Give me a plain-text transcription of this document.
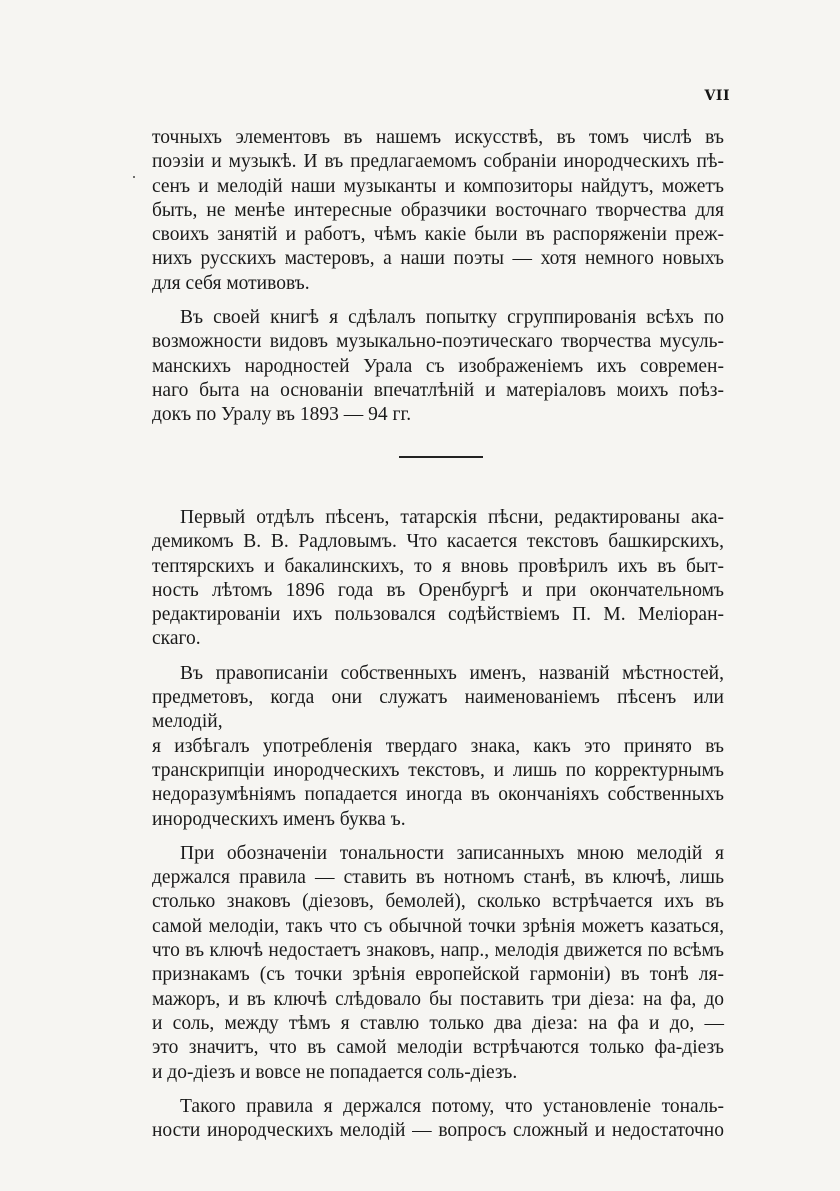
VII
точныхъ элементовъ въ нашемъ искусствѣ, въ томъ числѣ въ
поэзіи и музыкѣ. И въ предлагаемомъ собраніи инородческихъ пѣ-
сенъ и мелодій наши музыканты и композиторы найдутъ, можетъ
быть, не менѣе интересные образчики восточнаго творчества для
своихъ занятій и работъ, чѣмъ какіе были въ распоряженіи преж-
нихъ русскихъ мастеровъ, а наши поэты — хотя немного новыхъ
для себя мотивовъ.
Въ своей книгѣ я сдѣлалъ попытку сгруппированія всѣхъ по
возможности видовъ музыкально-поэтическаго творчества мусуль-
манскихъ народностей Урала съ изображеніемъ ихъ современ-
наго быта на основаніи впечатлѣній и матеріаловъ моихъ поѣз-
докъ по Уралу въ 1893 — 94 гг.
Первый отдѣлъ пѣсенъ, татарскія пѣсни, редактированы ака-
демикомъ В. В. Радловымъ. Что касается текстовъ башкирскихъ,
тептярскихъ и бакалинскихъ, то я вновь провѣрилъ ихъ въ быт-
ность лѣтомъ 1896 года въ Оренбургѣ и при окончательномъ
редактированіи ихъ пользовался содѣйствіемъ П. М. Меліоран-
скаго.
Въ правописаніи собственныхъ именъ, названій мѣстностей,
предметовъ, когда они служатъ наименованіемъ пѣсенъ или мелодій,
я избѣгалъ употребленія твердаго знака, какъ это принято въ
транскрипціи инородческихъ текстовъ, и лишь по корректурнымъ
недоразумѣніямъ попадается иногда въ окончаніяхъ собственныхъ
инородческихъ именъ буква ъ.
При обозначеніи тональности записанныхъ мною мелодій я
держался правила — ставить въ нотномъ станѣ, въ ключѣ, лишь
столько знаковъ (діезовъ, бемолей), сколько встрѣчается ихъ въ
самой мелодіи, такъ что съ обычной точки зрѣнія можетъ казаться,
что въ ключѣ недостаетъ знаковъ, напр., мелодія движется по всѣмъ
признакамъ (съ точки зрѣнія европейской гармоніи) въ тонѣ ля-
мажоръ, и въ ключѣ слѣдовало бы поставить три діеза: на фа, до
и соль, между тѣмъ я ставлю только два діеза: на фа и до, —
это значитъ, что въ самой мелодіи встрѣчаются только фа-діезъ
и до-діезъ и вовсе не попадается соль-діезъ.
Такого правила я держался потому, что установленіе тональ-
ности инородческихъ мелодій — вопросъ сложный и недостаточно
